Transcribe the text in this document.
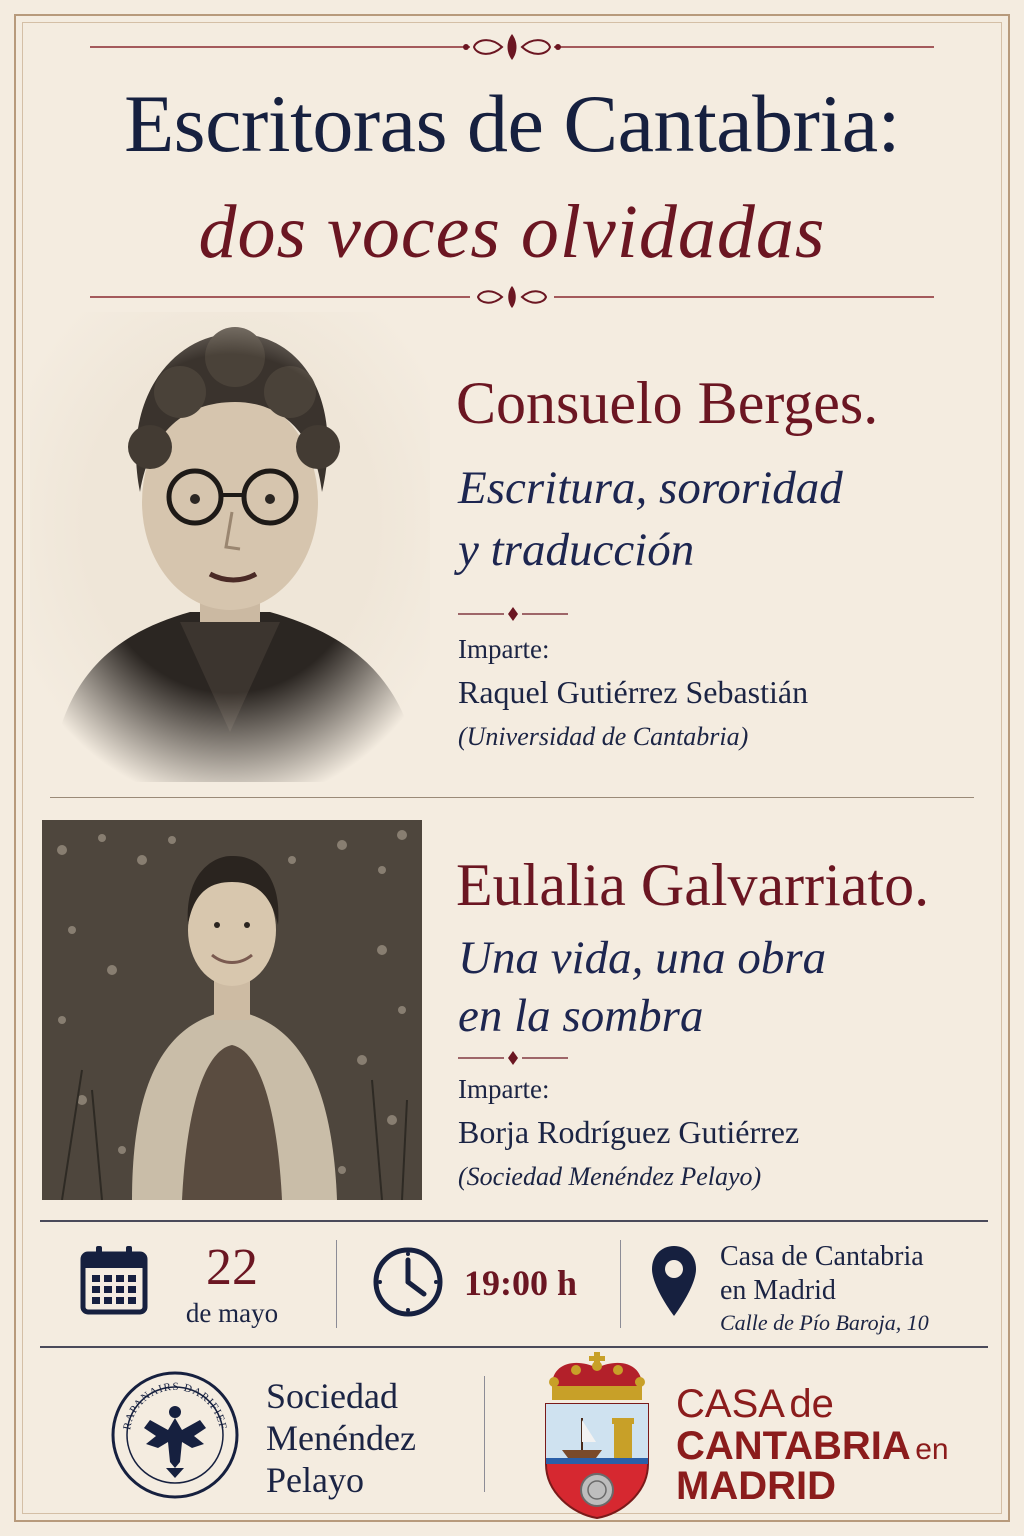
Escritoras de Cantabria:
dos voces olvidadas
Consuelo Berges.
Escritura, sororidad
y traducción
Imparte:
Raquel Gutiérrez Sebastián
(Universidad de Cantabria)
Eulalia Galvarriato.
Una vida, una obra
en la sombra
Imparte:
Borja Rodríguez Gutiérrez
(Sociedad Menéndez Pelayo)
22
de mayo
19:00 h
Casa de Cantabria
en Madrid
Calle de Pío Baroja, 10
RAPANAIRS DARIFIEF
Sociedad
Menéndez
Pelayo
CASA de
CANTABRIA en
MADRID
